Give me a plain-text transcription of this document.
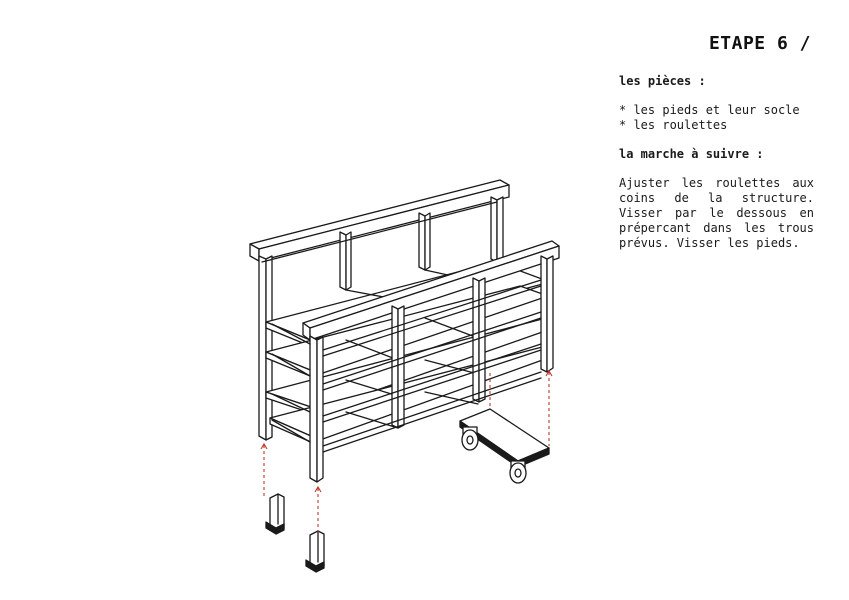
ETAPE 6 /

les pièces :

* les pieds et leur socle
* les roulettes

la marche à suivre :

Ajuster les roulettes aux coins de la structure. Visser par le dessous en prépercant dans les trous prévus. Visser les pieds.
